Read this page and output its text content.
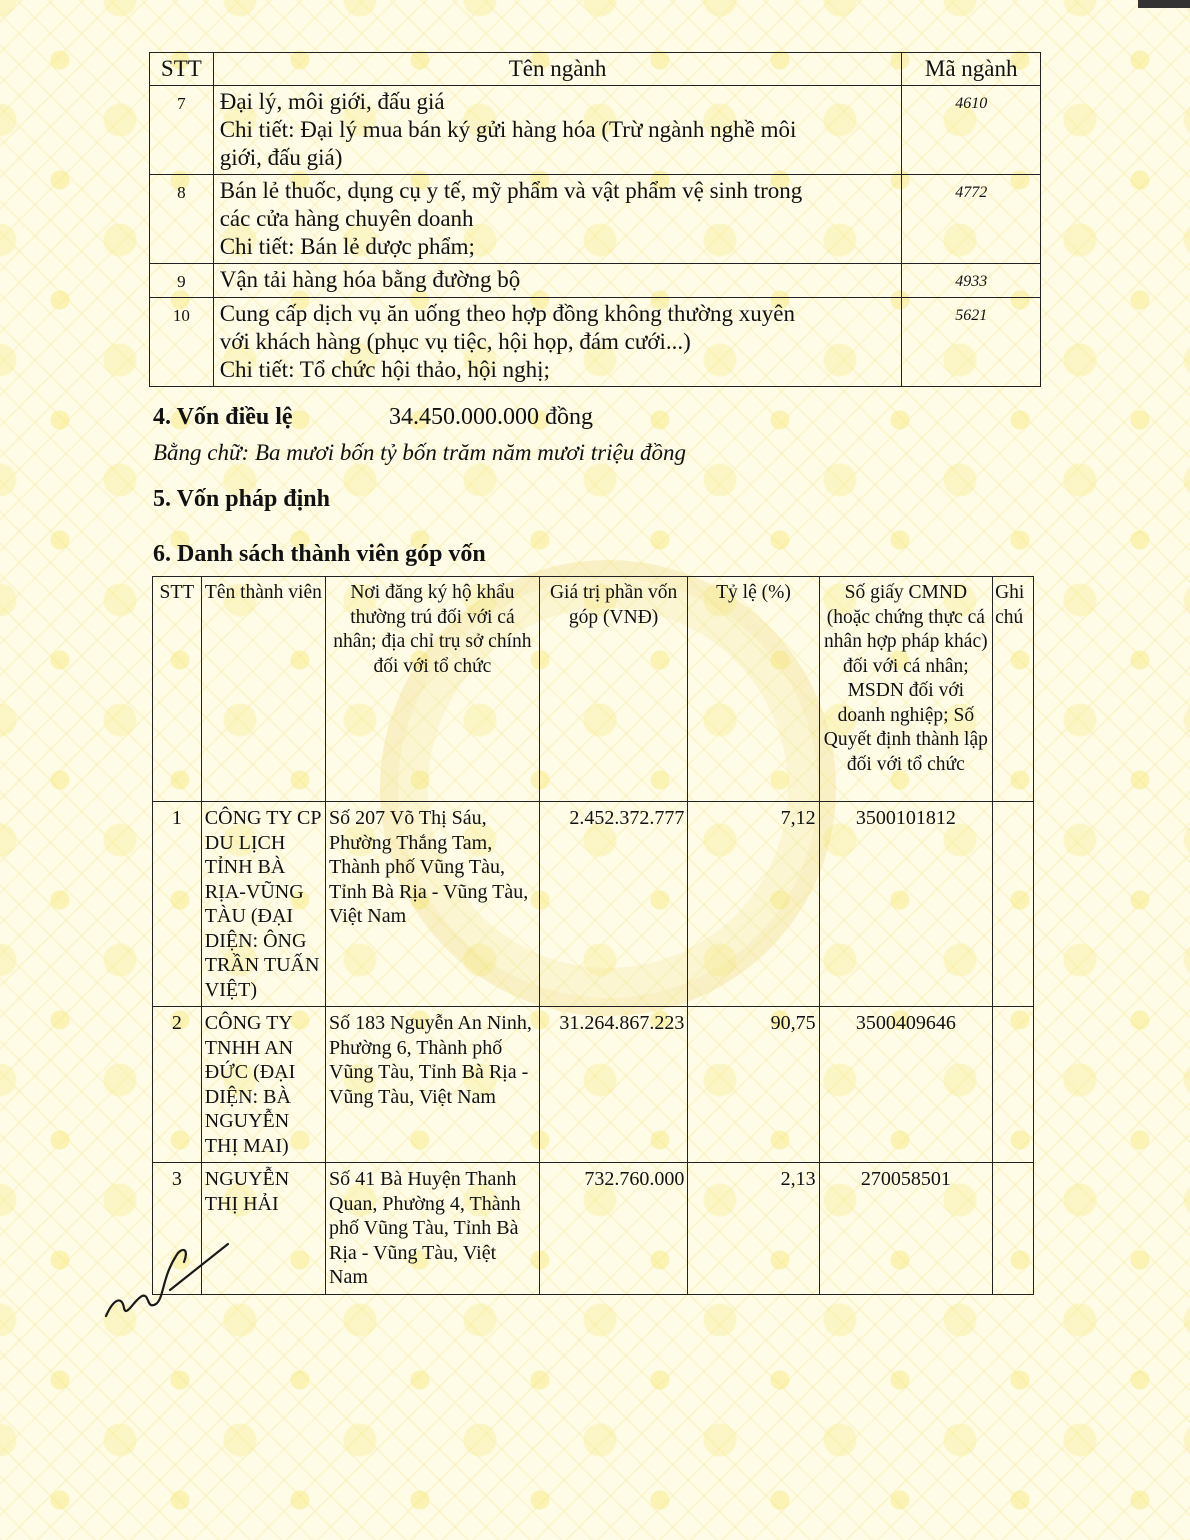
STT	Tên ngành	Mã ngành
7	Đại lý, môi giới, đấu giá
Chi tiết: Đại lý mua bán ký gửi hàng hóa (Trừ ngành nghề môi
giới, đấu giá)	4610
8	Bán lẻ thuốc, dụng cụ y tế, mỹ phẩm và vật phẩm vệ sinh trong
các cửa hàng chuyên doanh
Chi tiết: Bán lẻ dược phẩm;	4772
9	Vận tải hàng hóa bằng đường bộ	4933
10	Cung cấp dịch vụ ăn uống theo hợp đồng không thường xuyên
với khách hàng (phục vụ tiệc, hội họp, đám cưới...)
Chi tiết: Tổ chức hội thảo, hội nghị;	5621
4. Vốn điều lệ	34.450.000.000 đồng
Bằng chữ: Ba mươi bốn tỷ bốn trăm năm mươi triệu đồng
5. Vốn pháp định
6. Danh sách thành viên góp vốn
STT	Tên thành viên	Nơi đăng ký hộ khẩu thường trú đối với cá nhân; địa chỉ trụ sở chính đối với tổ chức	Giá trị phần vốn góp (VNĐ)	Tỷ lệ (%)	Số giấy CMND (hoặc chứng thực cá nhân hợp pháp khác) đối với cá nhân; MSDN đối với doanh nghiệp; Số Quyết định thành lập đối với tổ chức	Ghi chú
1	CÔNG TY CP DU LỊCH TỈNH BÀ RỊA-VŨNG TÀU (ĐẠI DIỆN: ÔNG TRẦN TUẤN VIỆT)	Số 207 Võ Thị Sáu, Phường Thắng Tam, Thành phố Vũng Tàu, Tỉnh Bà Rịa - Vũng Tàu, Việt Nam	2.452.372.777	7,12	3500101812	
2	CÔNG TY TNHH AN ĐỨC (ĐẠI DIỆN: BÀ NGUYỄN THỊ MAI)	Số 183 Nguyễn An Ninh, Phường 6, Thành phố Vũng Tàu, Tỉnh Bà Rịa - Vũng Tàu, Việt Nam	31.264.867.223	90,75	3500409646	
3	NGUYỄN THỊ HẢI	Số 41 Bà Huyện Thanh Quan, Phường 4, Thành phố Vũng Tàu, Tỉnh Bà Rịa - Vũng Tàu, Việt Nam	732.760.000	2,13	270058501	
